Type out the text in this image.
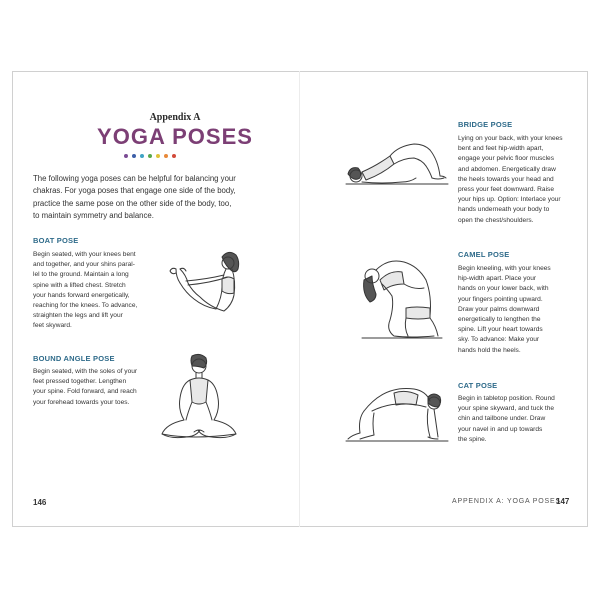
Appendix A
YOGA POSES
The following yoga poses can be helpful for balancing your
chakras. For yoga poses that engage one side of the body,
practice the same pose on the other side of the body, too,
to maintain symmetry and balance.
BOAT POSE
Begin seated, with your knees bent
and together, and your shins paral-
lel to the ground. Maintain a long
spine with a lifted chest. Stretch
your hands forward energetically,
reaching for the knees. To advance,
straighten the legs and lift your
feet skyward.
BOUND ANGLE POSE
Begin seated, with the soles of your
feet pressed together. Lengthen
your spine. Fold forward, and reach
your forehead towards your toes.
146
BRIDGE POSE
Lying on your back, with your knees
bent and feet hip-width apart,
engage your pelvic floor muscles
and abdomen. Energetically draw
the heels towards your head and
press your feet downward. Raise
your hips up. Option: Interlace your
hands underneath your body to
open the chest/shoulders.
CAMEL POSE
Begin kneeling, with your knees
hip-width apart. Place your
hands on your lower back, with
your fingers pointing upward.
Draw your palms downward
energetically to lengthen the
spine. Lift your heart towards
sky. To advance: Make your
hands hold the heels.
CAT POSE
Begin in tabletop position. Round
your spine skyward, and tuck the
chin and tailbone under. Draw
your navel in and up towards
the spine.
APPENDIX A: YOGA POSES
147
